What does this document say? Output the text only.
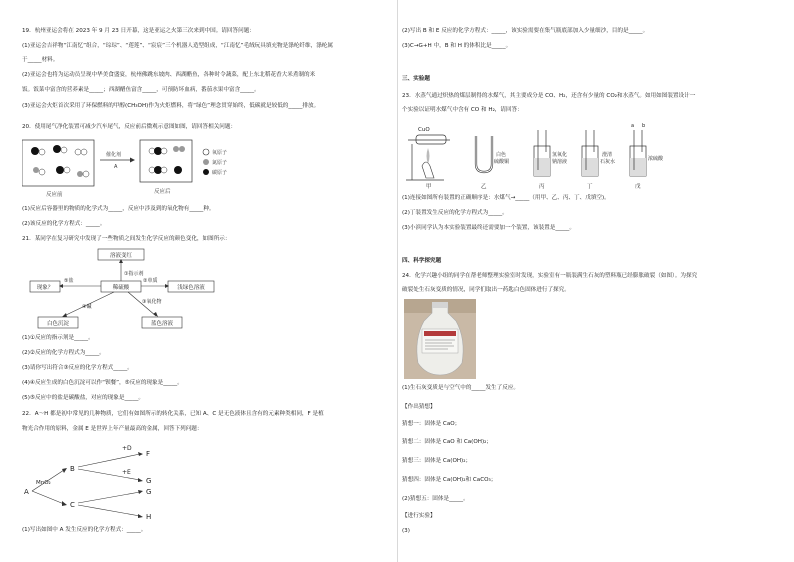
19．杭州亚运会将在 2023 年 9 月 23 日开幕，这是亚运之火第三次来到中国。请回答问题：
(1)亚运会吉祥物“江南忆”组合，“琮琮”、“莲莲”、“宸宸”三个机器人造型组成，“江南忆”毛绒玩具填充物是涤纶纤维，涤纶属
于_____材料。
(2)亚运会也将为运动员呈现中华美食盛宴，杭州佛跳东坡肉、西湖醋鱼，各种时令蔬菜，配上东北稻花香大米煮制的米
饭。饭菜中富含的营养素是_____；西湖醋鱼富含_____，可预防坏血病，番茄水果中富含_____。
(3)亚运会火炬首次采用了环保燃料的甲醇(CH₃OH)作为火炬燃料，将“绿色”理念贯穿始终，低碳就是较低的_____排放。
20．使用尾气净化装置可减少汽车尾气，反应前后微观示意图如图，请回答相关问题：
反应前
催化剂
A
反应后
氧原子
氮原子
碳原子
(1)反应后容器里的物质的化学式为_____，反应中涉及到的氧化物有_____种。
(2)该反应的化学方程式：_____。
21．某同学在复习研究中发现了一些物质之间发生化学反应的颜色变化，如图所示：
溶液变红
现象？	稀硫酸	浅绿色溶液
白色沉淀	蓝色溶液
①指示剂
②单质
⑤盐
④碱
③氧化物
(1)①反应的指示剂是_____。
(2)②反应的化学方程式为_____。
(3)请你写出符合③反应的化学方程式_____。
(4)④反应生成的白色沉淀可以作“钡餐”，⑤反应的现象是_____。
(5)⑤反应中的盐是碳酸盐，对应的现象是_____。
22．A～H 都是初中常见的几种物质，它们有如图所示的转化关系，已知 A、C 是无色液体且含有的元素种类相同，F 是植
物光合作用的原料，金属 E 是世界上年产量最高的金属，回答下列问题：
A
MnO₂
B
C
+D
+E
F
G
G
H
(1)写出如图中 A 发生反应的化学方程式：_____。
(2)写出 B 和 E 反应的化学方程式：_____，该实验需要在集气瓶底部加入少量细沙，目的是_____。
(3)C→G+H 中，B 和 H 的体积比是_____。
三、实验题
23．水蒸气通过炽热的煤层制得的水煤气，其主要成分是 CO、H₂，还含有少量的 CO₂和水蒸气。如用如图装置设计一
个实验以证明水煤气中含有 CO 和 H₂，请回答：
CuO
甲
白色
硫酸铜
乙
氢氧化
钠溶液
丙
澄清
石灰水
丁
a b
浓硫酸
戊
(1)连接如图所有装置的正确顺序是：水煤气→_____（用甲、乙、丙、丁、戊填空)。
(2)丁装置发生反应的化学方程式为_____。
(3)小滨同学认为本实验装置最终还需要加一个装置，该装置是_____。
四、科学探究题
24．化学兴趣小组的同学在帮老师整理实验室时发现，实验室有一瓶装满生石灰的塑料瓶已经膨胀破裂（如图）。为探究
破裂处生石灰变质的情况，同学们取出一药匙白色固体进行了探究。
(1)生石灰变质是与空气中的_____发生了反应。
【作出猜想】
猜想一：固体是 CaO；
猜想二：固体是 CaO 和 Ca(OH)₂；
猜想三：固体是 Ca(OH)₂；
猜想四：固体是 Ca(OH)₂和 CaCO₃；
(2)猜想五：固体是_____。
【进行实验】
(3)
